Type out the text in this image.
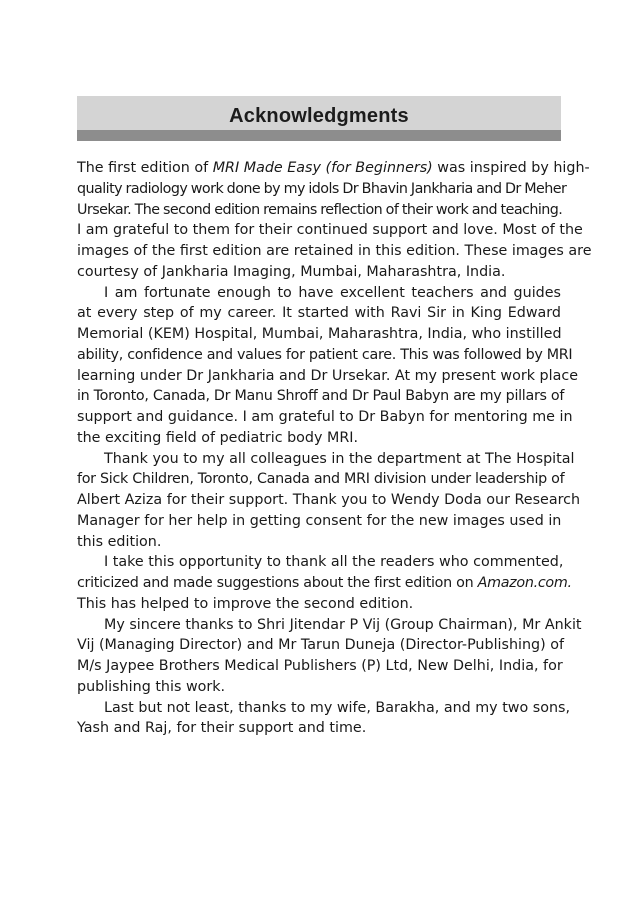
Acknowledgments
The first edition of MRI Made Easy (for Beginners) was inspired by high-
quality radiology work done by my idols Dr Bhavin Jankharia and Dr Meher
Ursekar. The second edition remains reflection of their work and teaching.
I am grateful to them for their continued support and love. Most of the
images of the first edition are retained in this edition. These images are
courtesy of Jankharia Imaging, Mumbai, Maharashtra, India.
I am fortunate enough to have excellent teachers and guides
at every step of my career. It started with Ravi Sir in King Edward
Memorial (KEM) Hospital, Mumbai, Maharashtra, India, who instilled
ability, confidence and values for patient care. This was followed by MRI
learning under Dr Jankharia and Dr Ursekar. At my present work place
in Toronto, Canada, Dr Manu Shroff and Dr Paul Babyn are my pillars of
support and guidance. I am grateful to Dr Babyn for mentoring me in
the exciting field of pediatric body MRI.
Thank you to my all colleagues in the department at The Hospital
for Sick Children, Toronto, Canada and MRI division under leadership of
Albert Aziza for their support. Thank you to Wendy Doda our Research
Manager for her help in getting consent for the new images used in
this edition.
I take this opportunity to thank all the readers who commented,
criticized and made suggestions about the first edition on Amazon.com.
This has helped to improve the second edition.
My sincere thanks to Shri Jitendar P Vij (Group Chairman), Mr Ankit
Vij (Managing Director) and Mr Tarun Duneja (Director-Publishing) of
M/s Jaypee Brothers Medical Publishers (P) Ltd, New Delhi, India, for
publishing this work.
Last but not least, thanks to my wife, Barakha, and my two sons,
Yash and Raj, for their support and time.
